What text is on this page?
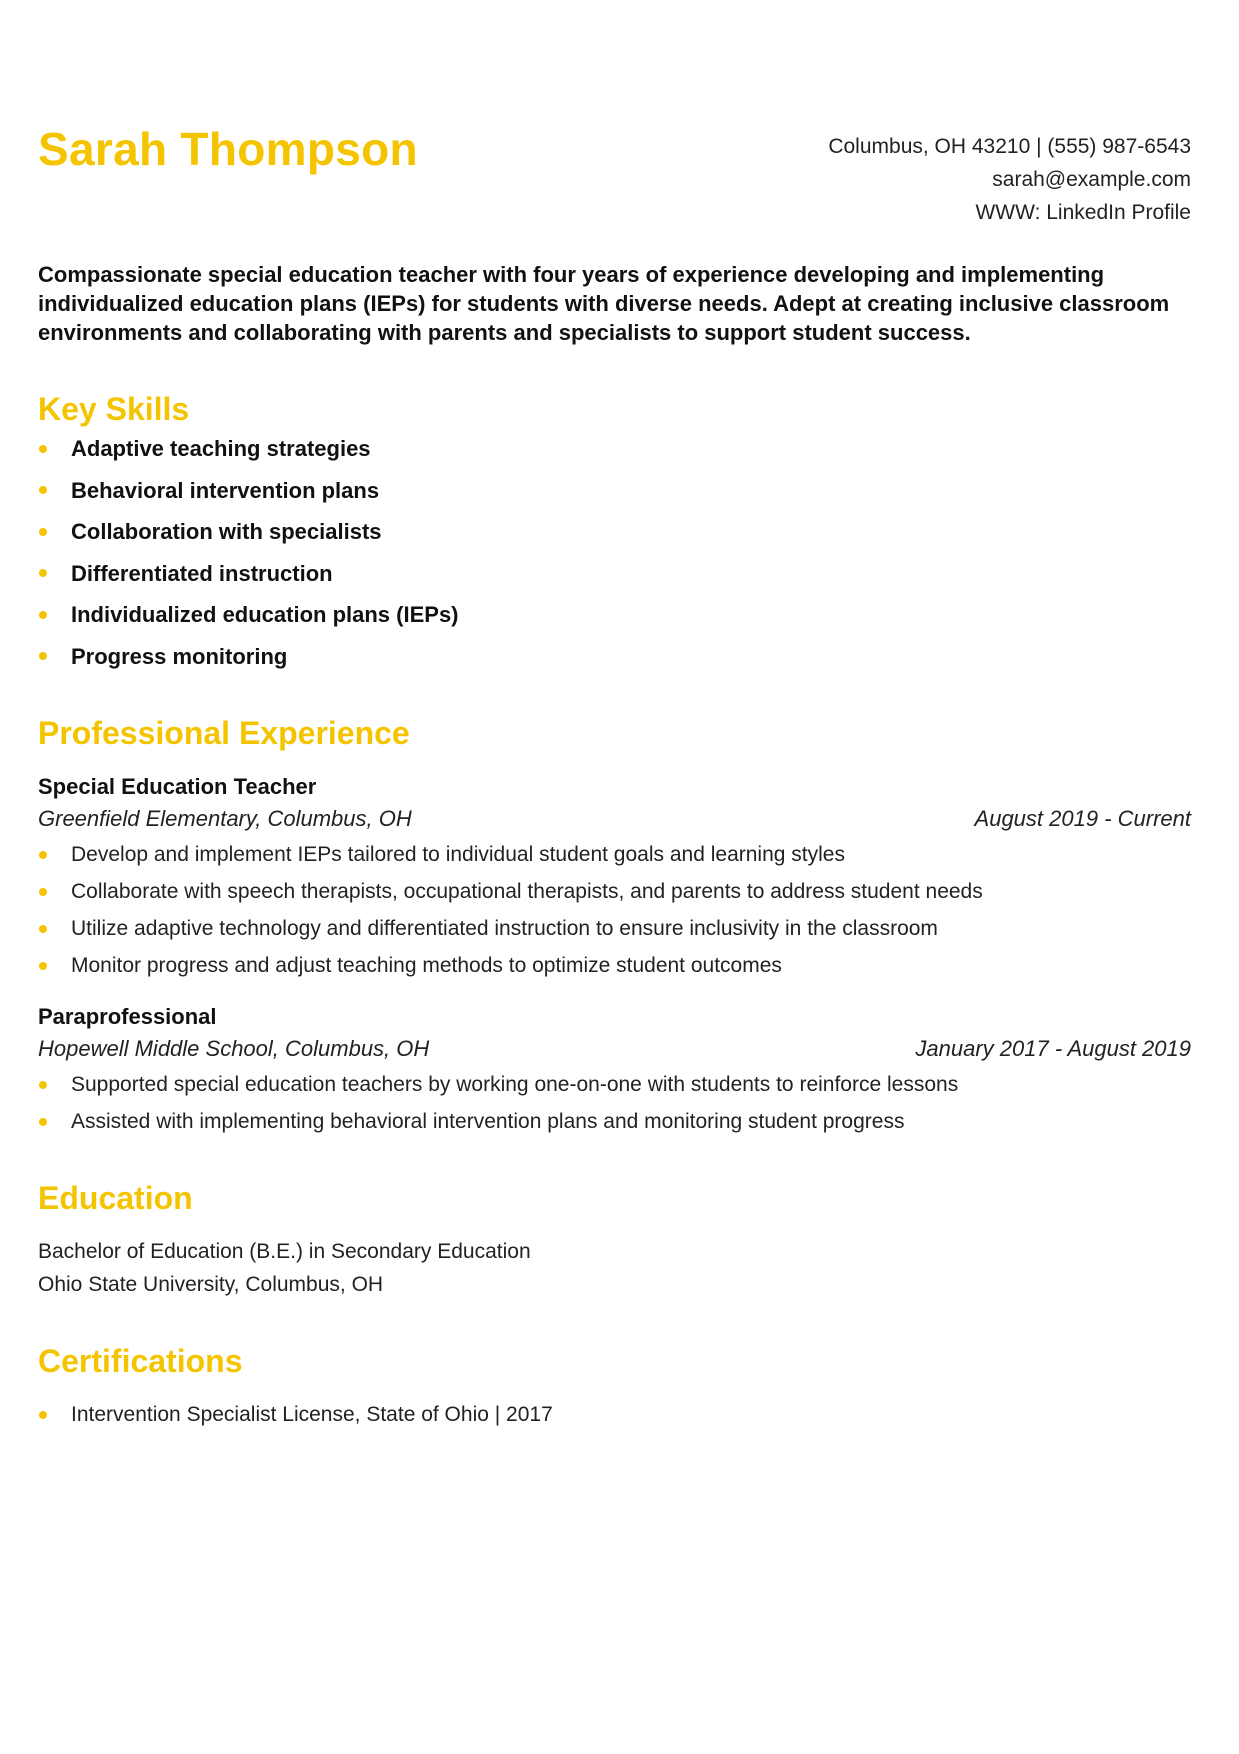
Sarah Thompson	Columbus, OH 43210 | (555) 987-6543
sarah@example.com
WWW: LinkedIn Profile

Compassionate special education teacher with four years of experience developing and implementing individualized education plans (IEPs) for students with diverse needs. Adept at creating inclusive classroom environments and collaborating with parents and specialists to support student success.

Key Skills
Adaptive teaching strategies
Behavioral intervention plans
Collaboration with specialists
Differentiated instruction
Individualized education plans (IEPs)
Progress monitoring
Professional Experience
Special Education Teacher
Greenfield Elementary, Columbus, OH	August 2019 - Current
Develop and implement IEPs tailored to individual student goals and learning styles
Collaborate with speech therapists, occupational therapists, and parents to address student needs
Utilize adaptive technology and differentiated instruction to ensure inclusivity in the classroom
Monitor progress and adjust teaching methods to optimize student outcomes
Paraprofessional
Hopewell Middle School, Columbus, OH	January 2017 - August 2019
Supported special education teachers by working one-on-one with students to reinforce lessons
Assisted with implementing behavioral intervention plans and monitoring student progress
Education
Bachelor of Education (B.E.) in Secondary Education
Ohio State University, Columbus, OH
Certifications
Intervention Specialist License, State of Ohio | 2017
